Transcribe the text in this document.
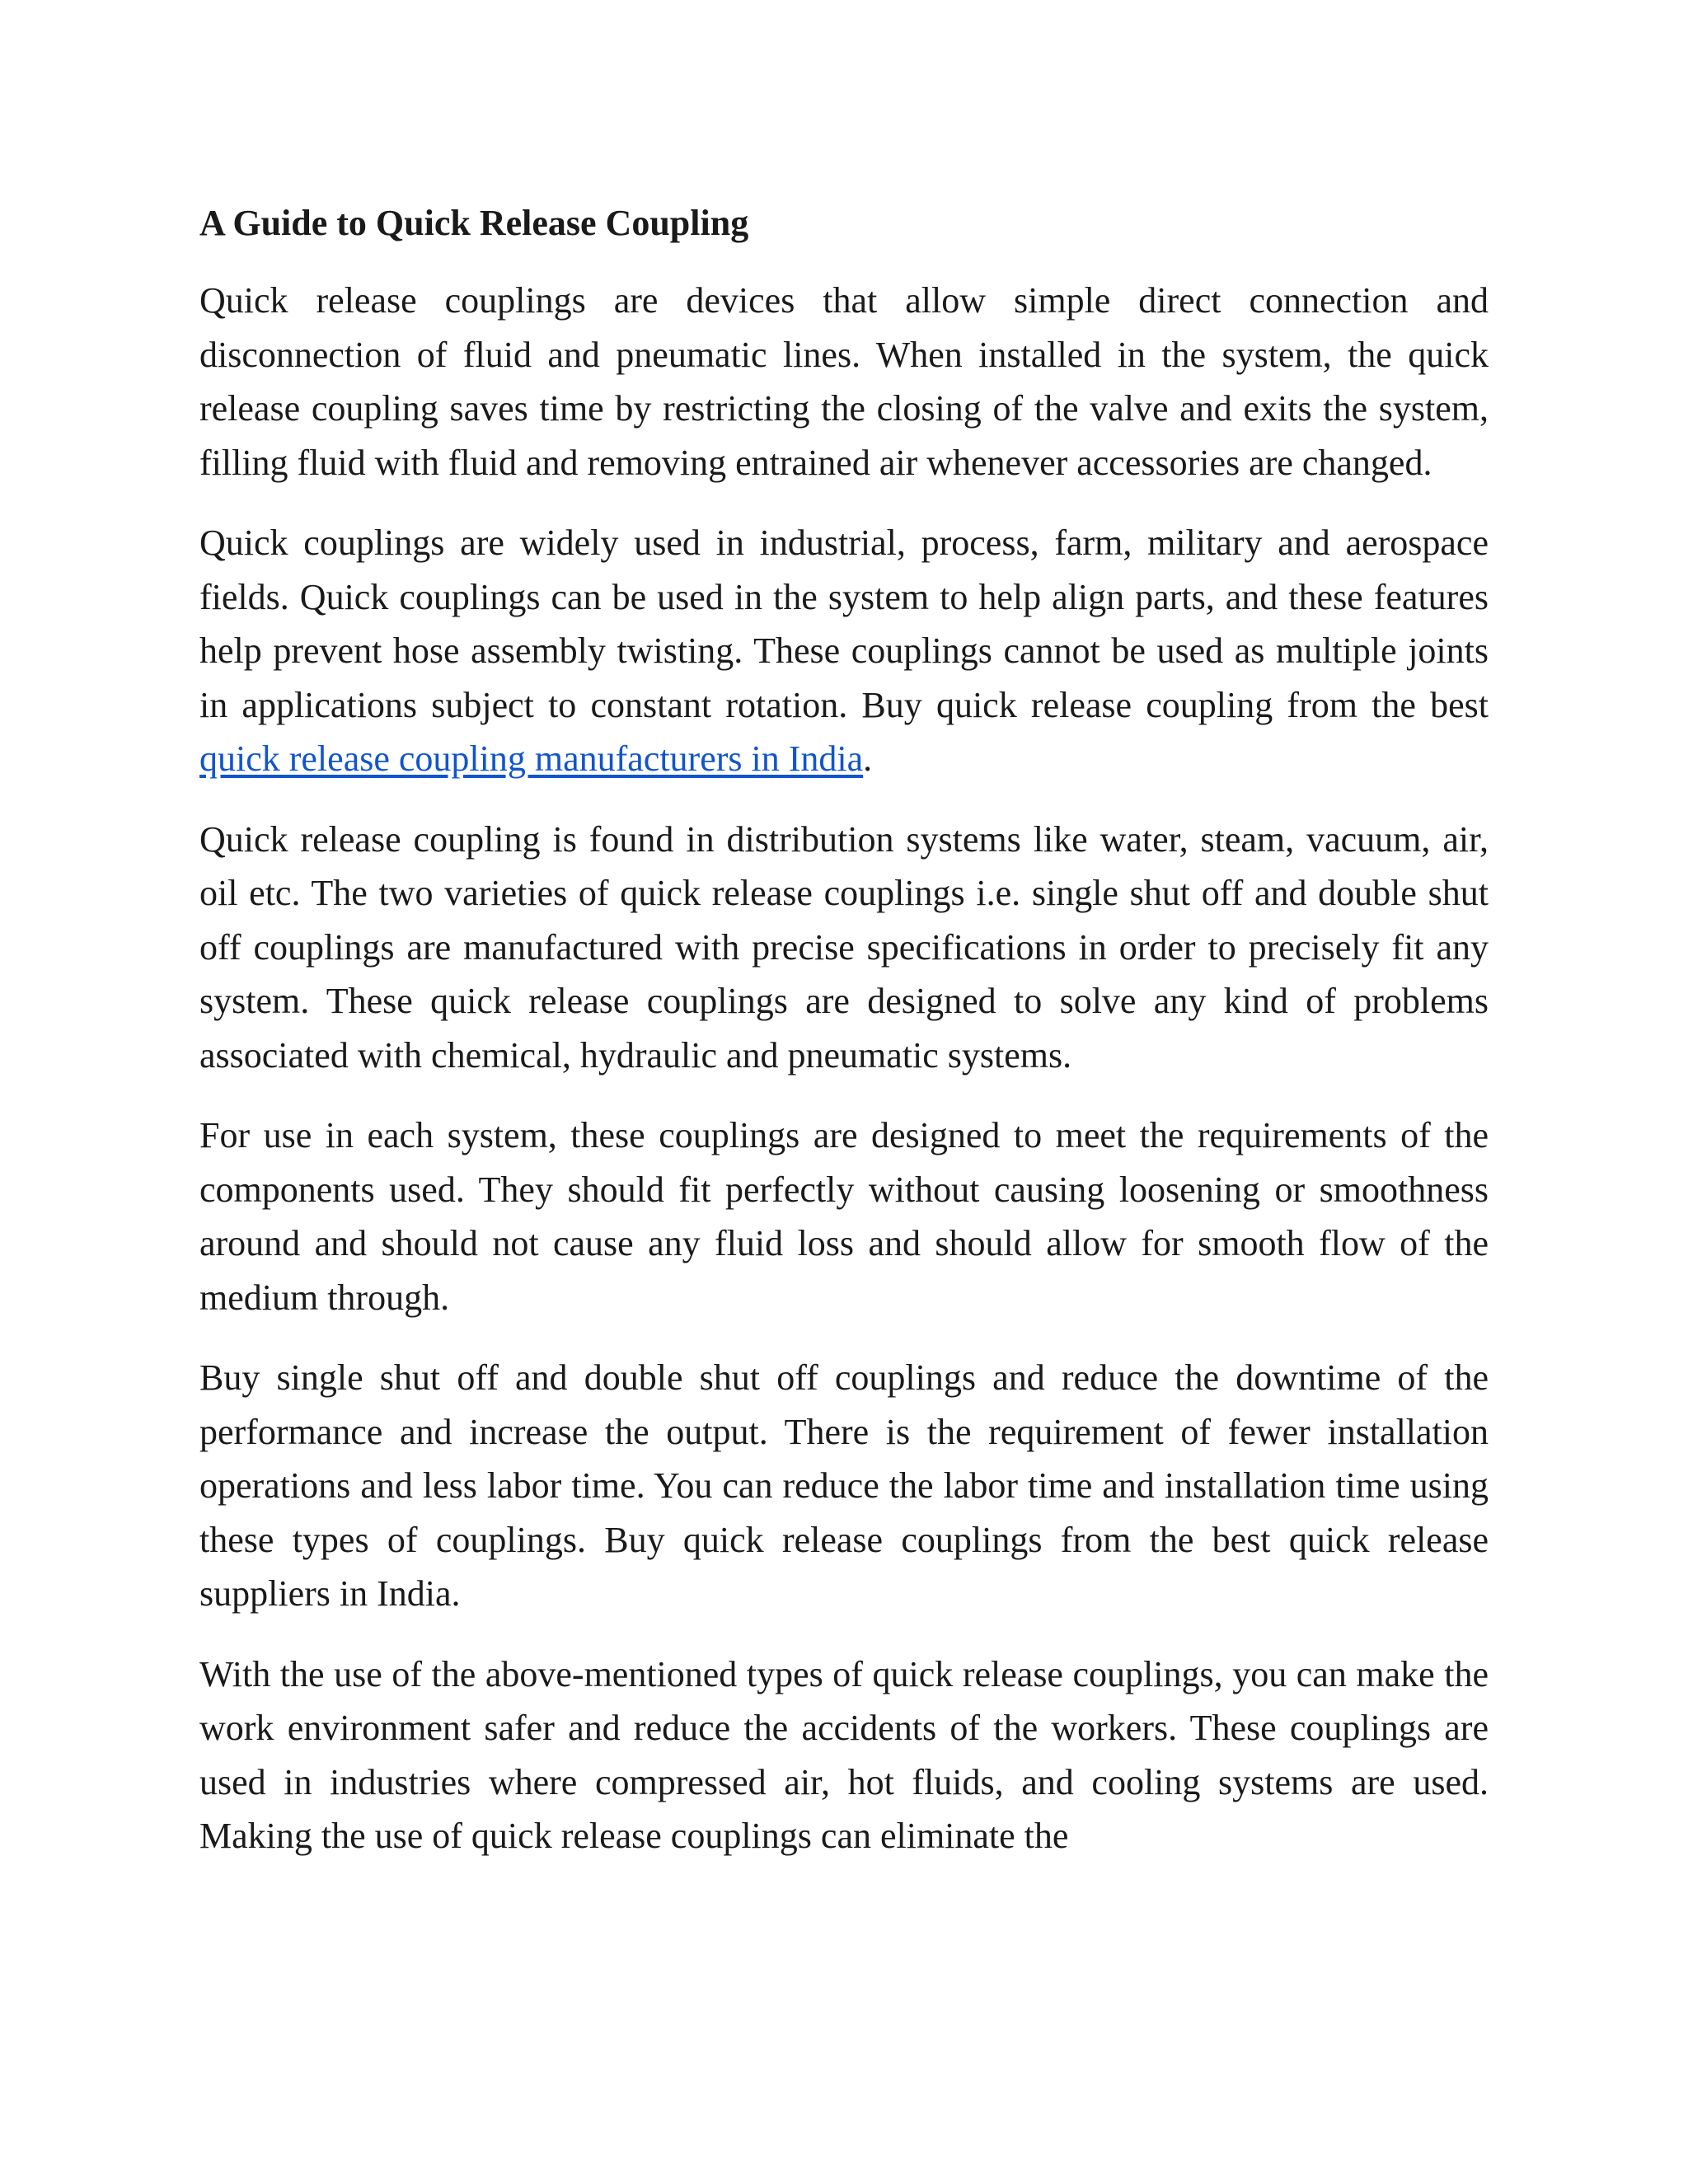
A Guide to Quick Release Coupling

Quick release couplings are devices that allow simple direct connection and disconnection of fluid and pneumatic lines. When installed in the system, the quick release coupling saves time by restricting the closing of the valve and exits the system, filling fluid with fluid and removing entrained air whenever accessories are changed.

Quick couplings are widely used in industrial, process, farm, military and aerospace fields. Quick couplings can be used in the system to help align parts, and these features help prevent hose assembly twisting. These couplings cannot be used as multiple joints in applications subject to constant rotation. Buy quick release coupling from the best quick release coupling manufacturers in India.

Quick release coupling is found in distribution systems like water, steam, vacuum, air, oil etc. The two varieties of quick release couplings i.e. single shut off and double shut off couplings are manufactured with precise specifications in order to precisely fit any system. These quick release couplings are designed to solve any kind of problems associated with chemical, hydraulic and pneumatic systems.

For use in each system, these couplings are designed to meet the requirements of the components used. They should fit perfectly without causing loosening or smoothness around and should not cause any fluid loss and should allow for smooth flow of the medium through.

Buy single shut off and double shut off couplings and reduce the downtime of the performance and increase the output. There is the requirement of fewer installation operations and less labor time. You can reduce the labor time and installation time using these types of couplings. Buy quick release couplings from the best quick release suppliers in India.

With the use of the above-mentioned types of quick release couplings, you can make the work environment safer and reduce the accidents of the workers. These couplings are used in industries where compressed air, hot fluids, and cooling systems are used. Making the use of quick release couplings can eliminate the
